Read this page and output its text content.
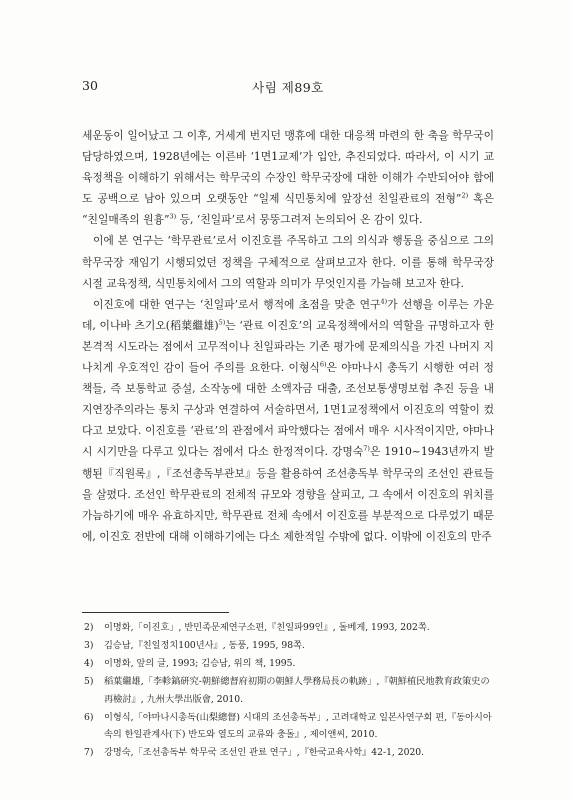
30	사림 제89호

세운동이 일어났고 그 이후, 거세게 번지던 맹휴에 대한 대응책 마련의 한 축을 학무국이 담당하였으며, 1928년에는 이른바 ‘1면1교제’가 입안, 추진되었다. 따라서, 이 시기 교육정책을 이해하기 위해서는 학무국의 수장인 학무국장에 대한 이해가 수반되어야 함에도 공백으로 남아 있으며 오랫동안 “일제 식민통치에 앞장선 친일관료의 전형”$^{2)}$ 혹은 “친일매족의 원흉”$^{3)}$ 등, ‘친일파’로서 뭉뚱그려져 논의되어 온 감이 있다.

이에 본 연구는 ‘학무관료’로서 이진호를 주목하고 그의 의식과 행동을 중심으로 그의 학무국장 재임기 시행되었던 정책을 구체적으로 살펴보고자 한다. 이를 통해 학무국장 시절 교육정책, 식민통치에서 그의 역할과 의미가 무엇인지를 가늠해 보고자 한다.

이진호에 대한 연구는 ‘친일파’로서 행적에 초점을 맞춘 연구$^{4)}$가 선행을 이루는 가운데, 이나바 츠기오(稻葉繼雄)$^{5)}$는 ‘관료 이진호’의 교육정책에서의 역할을 규명하고자 한 본격적 시도라는 점에서 고무적이나 친일파라는 기존 평가에 문제의식을 가진 나머지 지나치게 우호적인 감이 들어 주의를 요한다. 이형식$^{6)}$은 야마나시 총독기 시행한 여러 정책들, 즉 보통학교 증설, 소작농에 대한 소액자금 대출, 조선보통생명보험 추진 등을 내지연장주의라는 통치 구상과 연결하여 서술하면서, 1면1교정책에서 이진호의 역할이 컸다고 보았다. 이진호를 ‘관료’의 관점에서 파악했다는 점에서 매우 시사적이지만, 야마나시 시기만을 다루고 있다는 점에서 다소 한정적이다. 강명숙$^{7)}$은 1910~1943년까지 발행된『직원록』,『조선총독부관보』등을 활용하여 조선총독부 학무국의 조선인 관료들을 살폈다. 조선인 학무관료의 전체적 규모와 경향을 살피고, 그 속에서 이진호의 위치를 가늠하기에 매우 유효하지만, 학무관료 전체 속에서 이진호를 부분적으로 다루었기 때문에, 이진호 전반에 대해 이해하기에는 다소 제한적일 수밖에 없다. 이밖에 이진호의 만주

2)	이명화,「이진호」, 반민족문제연구소편,『친일파99인』, 돌베게, 1993, 202쪽.
3)	김승남,『친일정치100년사』, 동풍, 1995, 98쪽.
4)	이명화, 앞의 글, 1993; 김승남, 위의 책, 1995.
5)	稻葉繼雄,「李軫鎬硏究-朝鮮總督府初期の朝鮮人學務局長の軌跡」,『朝鮮植民地教育政策史の再檢討』, 九州大學出版會, 2010.
6)	이형식,「야마나시총독(山梨總督) 시대의 조선총독부」, 고려대학교 일본사연구회 편,『동아시아 속의 한일관계사(下) 반도와 열도의 교류와 충돌』, 제이앤씨, 2010.
7)	강명숙,「조선총독부 학무국 조선인 관료 연구」,『한국교육사학』42-1, 2020.
